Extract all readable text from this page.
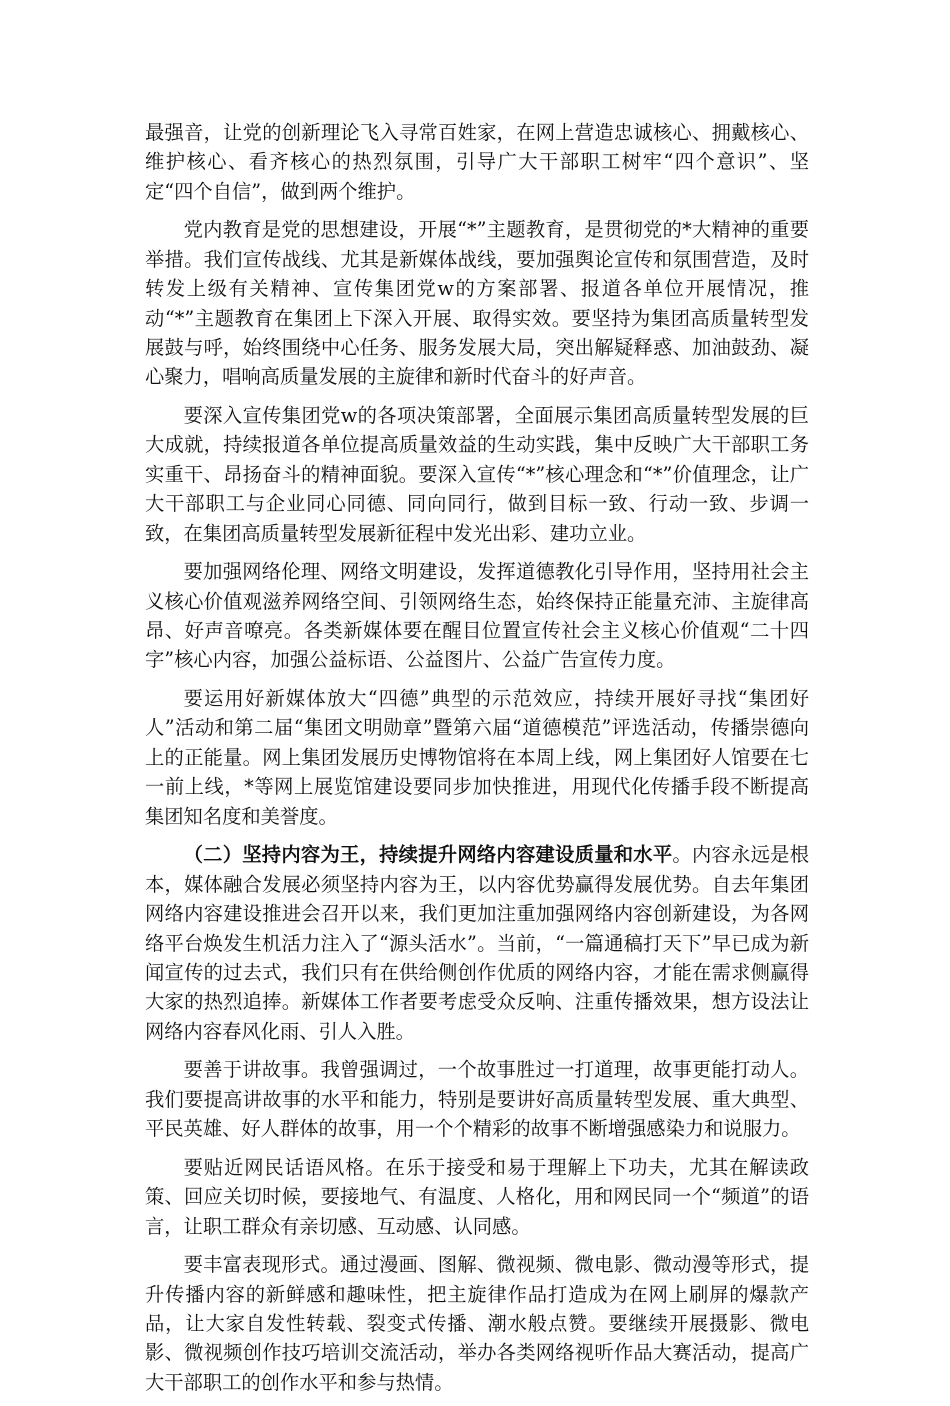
最强音，让党的创新理论飞入寻常百姓家，在网上营造忠诚核心、拥戴核心、维护核心、看齐核心的热烈氛围，引导广大干部职工树牢“四个意识”、坚定“四个自信”，做到两个维护。

党内教育是党的思想建设，开展“*”主题教育，是贯彻党的*大精神的重要举措。我们宣传战线、尤其是新媒体战线，要加强舆论宣传和氛围营造，及时转发上级有关精神、宣传集团党w的方案部署、报道各单位开展情况，推动“*”主题教育在集团上下深入开展、取得实效。要坚持为集团高质量转型发展鼓与呼，始终围绕中心任务、服务发展大局，突出解疑释惑、加油鼓劲、凝心聚力，唱响高质量发展的主旋律和新时代奋斗的好声音。

要深入宣传集团党w的各项决策部署，全面展示集团高质量转型发展的巨大成就，持续报道各单位提高质量效益的生动实践，集中反映广大干部职工务实重干、昂扬奋斗的精神面貌。要深入宣传“*”核心理念和“*”价值理念，让广大干部职工与企业同心同德、同向同行，做到目标一致、行动一致、步调一致，在集团高质量转型发展新征程中发光出彩、建功立业。

要加强网络伦理、网络文明建设，发挥道德教化引导作用，坚持用社会主义核心价值观滋养网络空间、引领网络生态，始终保持正能量充沛、主旋律高昂、好声音嘹亮。各类新媒体要在醒目位置宣传社会主义核心价值观“二十四字”核心内容，加强公益标语、公益图片、公益广告宣传力度。

要运用好新媒体放大“四德”典型的示范效应，持续开展好寻找“集团好人”活动和第二届“集团文明勋章”暨第六届“道德模范”评选活动，传播崇德向上的正能量。网上集团发展历史博物馆将在本周上线，网上集团好人馆要在七一前上线，*等网上展览馆建设要同步加快推进，用现代化传播手段不断提高集团知名度和美誉度。

（二）坚持内容为王，持续提升网络内容建设质量和水平。内容永远是根本，媒体融合发展必须坚持内容为王，以内容优势赢得发展优势。自去年集团网络内容建设推进会召开以来，我们更加注重加强网络内容创新建设，为各网络平台焕发生机活力注入了“源头活水”。当前，“一篇通稿打天下”早已成为新闻宣传的过去式，我们只有在供给侧创作优质的网络内容，才能在需求侧赢得大家的热烈追捧。新媒体工作者要考虑受众反响、注重传播效果，想方设法让网络内容春风化雨、引人入胜。

要善于讲故事。我曾强调过，一个故事胜过一打道理，故事更能打动人。我们要提高讲故事的水平和能力，特别是要讲好高质量转型发展、重大典型、平民英雄、好人群体的故事，用一个个精彩的故事不断增强感染力和说服力。

要贴近网民话语风格。在乐于接受和易于理解上下功夫，尤其在解读政策、回应关切时候，要接地气、有温度、人格化，用和网民同一个“频道”的语言，让职工群众有亲切感、互动感、认同感。

要丰富表现形式。通过漫画、图解、微视频、微电影、微动漫等形式，提升传播内容的新鲜感和趣味性，把主旋律作品打造成为在网上刷屏的爆款产品，让大家自发性转载、裂变式传播、潮水般点赞。要继续开展摄影、微电影、微视频创作技巧培训交流活动，举办各类网络视听作品大赛活动，提高广大干部职工的创作水平和参与热情。
